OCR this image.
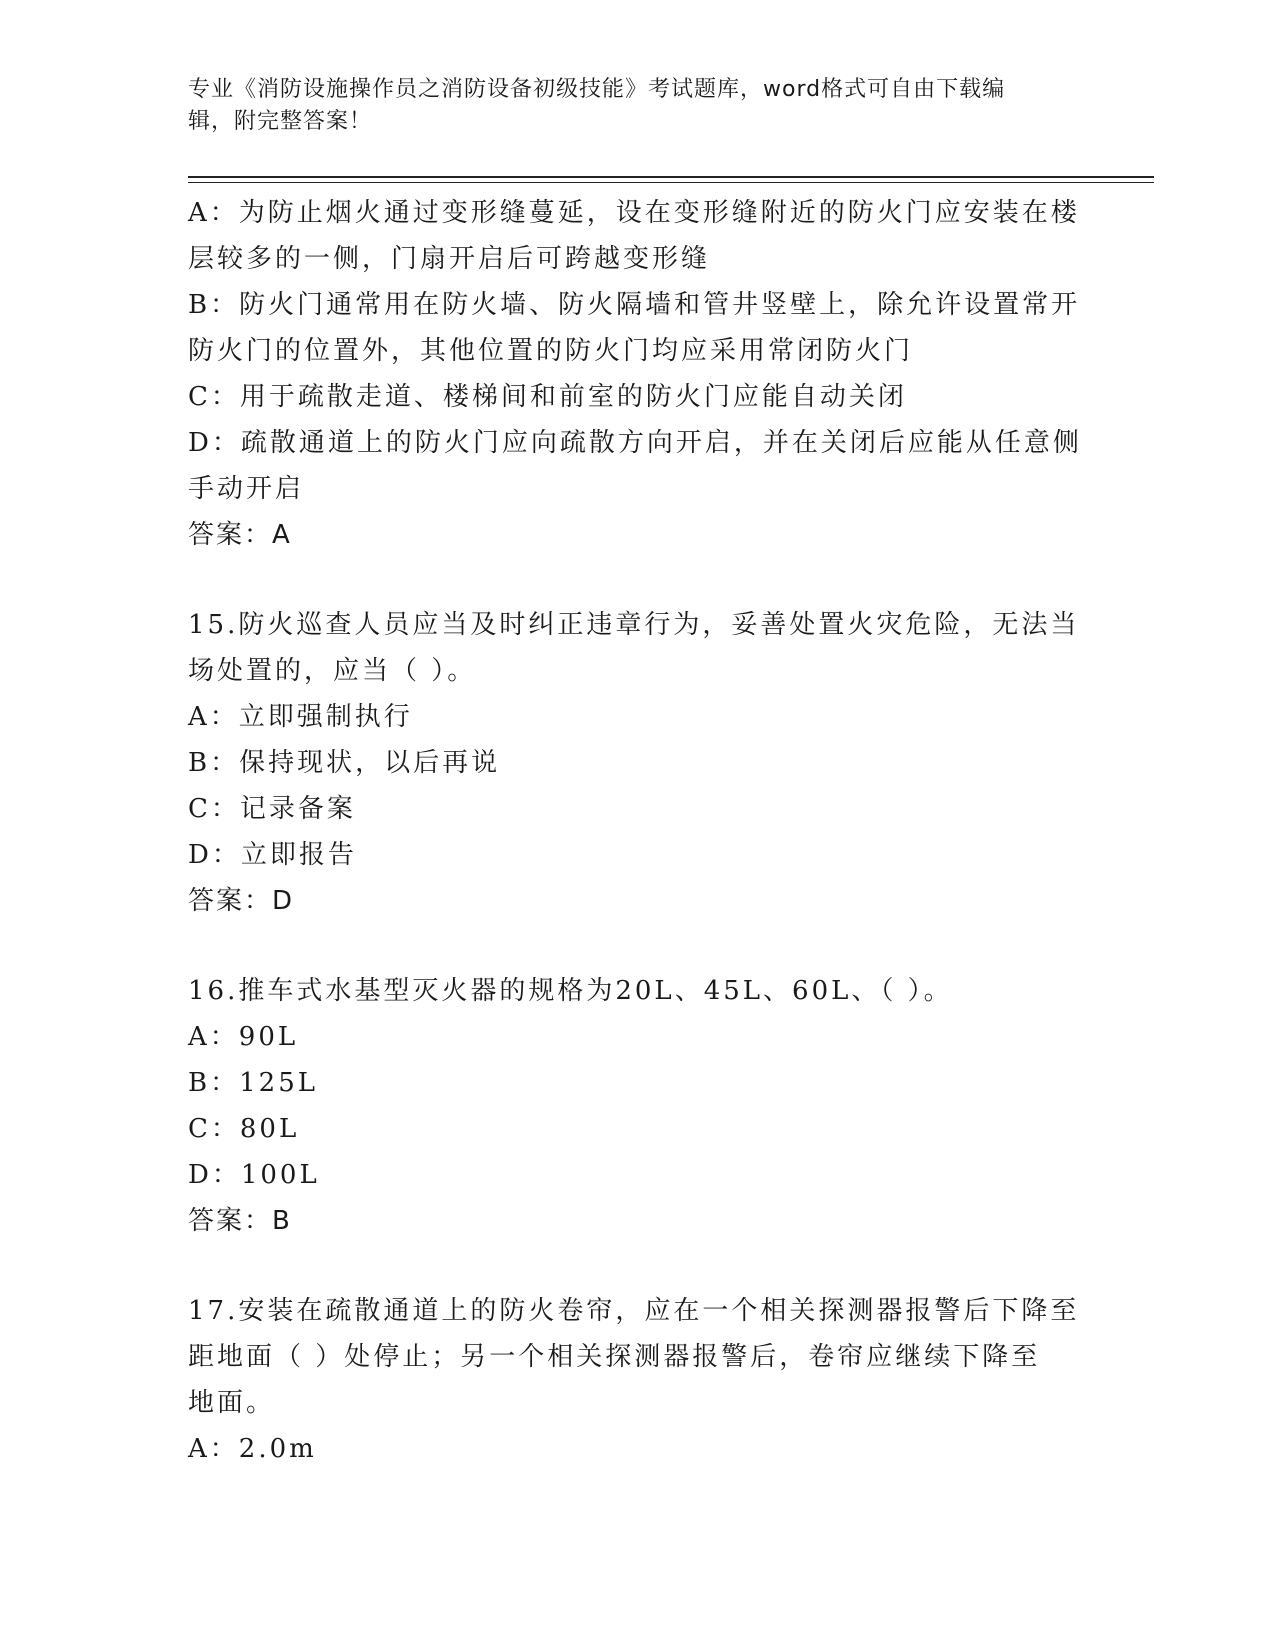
专业《消防设施操作员之消防设备初级技能》考试题库，word格式可自由下载编
辑，附完整答案！
A：为防止烟火通过变形缝蔓延，设在变形缝附近的防火门应安装在楼
层较多的一侧，门扇开启后可跨越变形缝
B：防火门通常用在防火墙、防火隔墙和管井竖壁上，除允许设置常开
防火门的位置外，其他位置的防火门均应采用常闭防火门
C：用于疏散走道、楼梯间和前室的防火门应能自动关闭
D：疏散通道上的防火门应向疏散方向开启，并在关闭后应能从任意侧
手动开启
答案：A
15.防火巡查人员应当及时纠正违章行为，妥善处置火灾危险，无法当
场处置的，应当（ ）。
A：立即强制执行
B：保持现状，以后再说
C：记录备案
D：立即报告
答案：D
16.推车式水基型灭火器的规格为20L、45L、60L、（ ）。
A：90L
B：125L
C：80L
D：100L
答案：B
17.安装在疏散通道上的防火卷帘，应在一个相关探测器报警后下降至
距地面（ ）处停止；另一个相关探测器报警后，卷帘应继续下降至
地面。
A：2.0m
